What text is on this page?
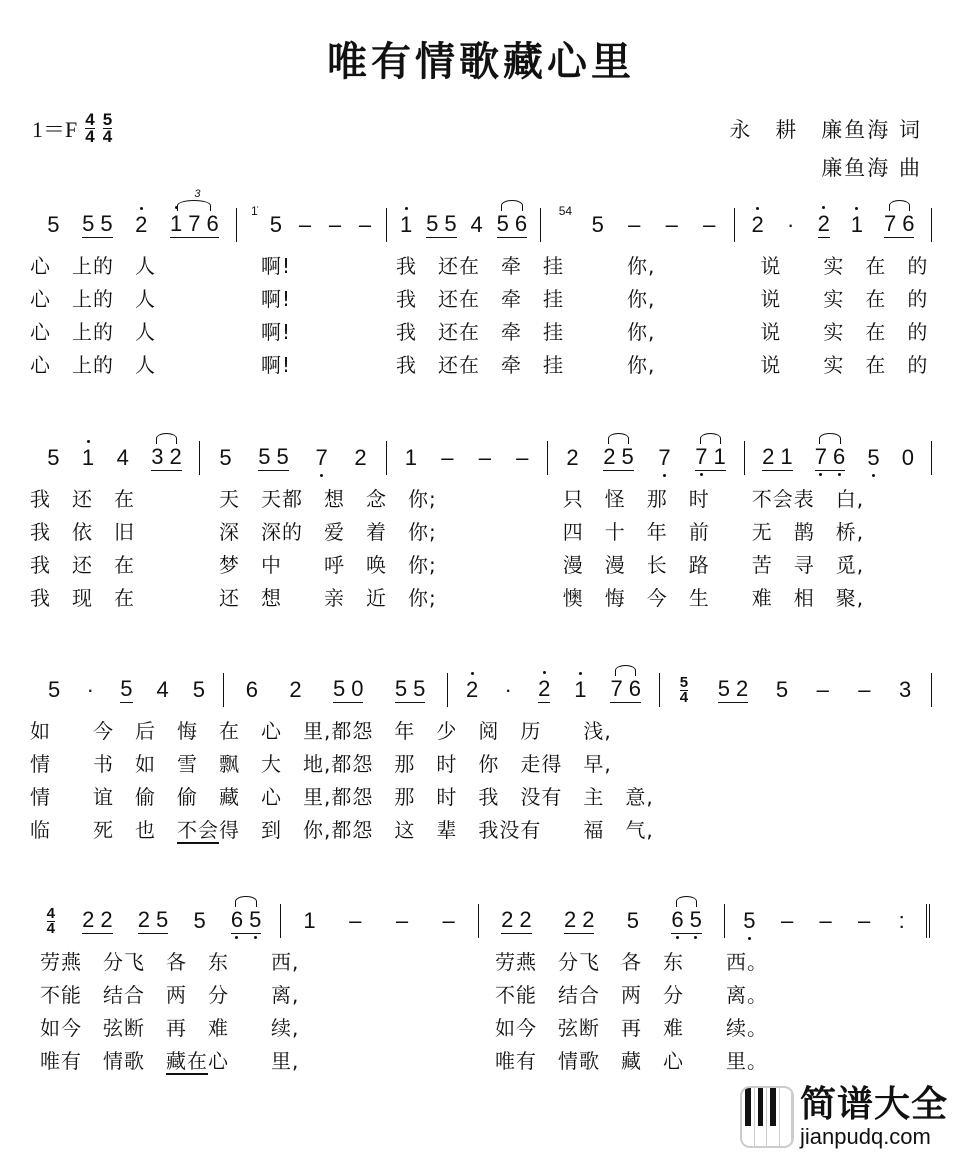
唯有情歌藏心里
1＝F 4
4
5
4	永　耕　廉鱼海 词
廉鱼海 曲
5 5 5 2 1 7 6
3
1̇
5 – – – 1 5 5 4 5 6	54
5 – – – 2 · 2 1 7 6
心　上的　人　　　　　啊!　　　　　我　还在　牵　挂　　　你,　　　　　说　　实　在　的
心　上的　人　　　　　啊!　　　　　我　还在　牵　挂　　　你,　　　　　说　　实　在　的
心　上的　人　　　　　啊!　　　　　我　还在　牵　挂　　　你,　　　　　说　　实　在　的
心　上的　人　　　　　啊!　　　　　我　还在　牵　挂　　　你,　　　　　说　　实　在　的
5 1 4 3 2 5 5 5 7 2 1 – – – 2 2 5 7 7 1 2 1 7 6 5 0
我　还　在　　　　天　天都　想　念　你;　　　　　　只　怪　那　时　　不会表　白,
我　依　旧　　　　深　深的　爱　着　你;　　　　　　四　十　年　前　　无　鹊　桥,
我　还　在　　　　梦　中　　呼　唤　你;　　　　　　漫　漫　长　路　　苦　寻　觅,
我　现　在　　　　还　想　　亲　近　你;　　　　　　懊　悔　今　生　　难　相　聚,
5 · 5 4 5 6 2 5 0 5 5 2 · 2 1 7 6	5
4 5 2 5 – – 3
如　　今　后　悔　在　心　里,都怨　年　少　阅　历　　浅,
情　　书　如　雪　飘　大　地,都怨　那　时　你　走得　早,
情　　谊　偷　偷　藏　心　里,都怨　那　时　我　没有　主　意,
临　　死　也　不会得　到　你,都怨　这　辈　我没有　　福　气,
4
4 2 2 2 5 5 6 5 1 – – – 2 2 2 2 5 6 5 5 – – – :
劳燕　分飞　各　东　　西,
不能　结合　两　分　　离,
如今　弦断　再　难　　续,
唯有　情歌　藏在心　　里,
劳燕　分飞　各　东　　西。
不能　结合　两　分　　离。
如今　弦断　再　难　　续。
唯有　情歌　藏　心　　里。
简谱大全
jianpudq.com
